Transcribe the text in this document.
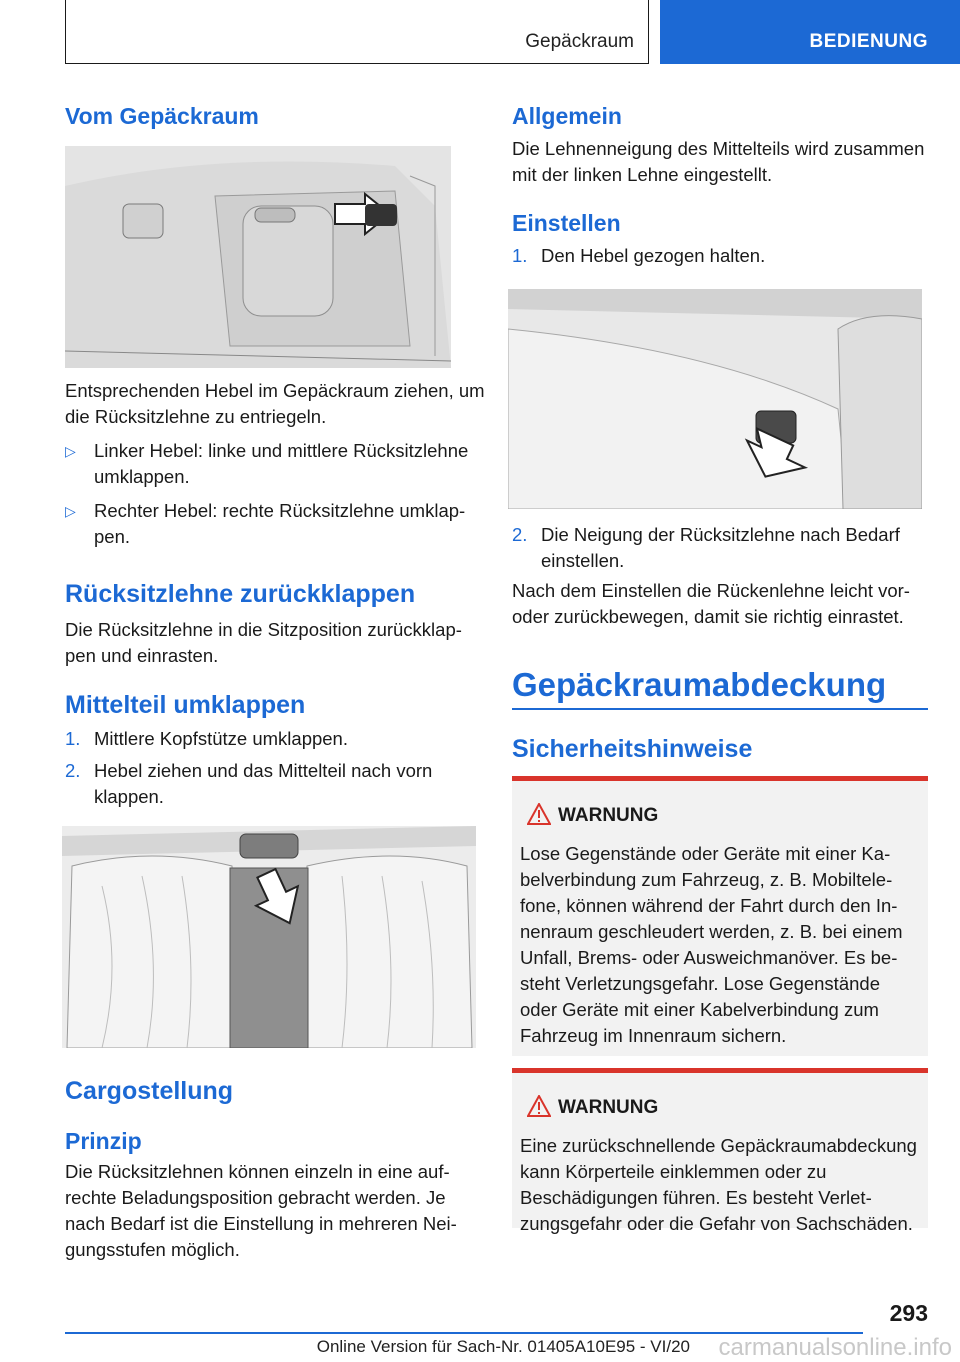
Gepäckraum	BEDIENUNG

Vom Gepäckraum

Entsprechenden Hebel im Gepäckraum ziehen, um die Rücksitzlehne zu entriegeln.

▷ Linker Hebel: linke und mittlere Rücksitzlehne umklappen.
▷ Rechter Hebel: rechte Rücksitzlehne umklappen.

Rücksitzlehne zurückklappen

Die Rücksitzlehne in die Sitzposition zurückklappen und einrasten.

Mittelteil umklappen

1. Mittlere Kopfstütze umklappen.
2. Hebel ziehen und das Mittelteil nach vorn klappen.

Cargostellung

Prinzip

Die Rücksitzlehnen können einzeln in eine aufrechte Beladungsposition gebracht werden. Je nach Bedarf ist die Einstellung in mehreren Neigungsstufen möglich.

Allgemein

Die Lehnenneigung des Mittelteils wird zusammen mit der linken Lehne eingestellt.

Einstellen

1. Den Hebel gezogen halten.
2. Die Neigung der Rücksitzlehne nach Bedarf einstellen.

Nach dem Einstellen die Rückenlehne leicht vor- oder zurückbewegen, damit sie richtig einrastet.

Gepäckraumabdeckung

Sicherheitshinweise

WARNUNG
Lose Gegenstände oder Geräte mit einer Kabelverbindung zum Fahrzeug, z. B. Mobiltelefone, können während der Fahrt durch den Innenraum geschleudert werden, z. B. bei einem Unfall, Brems- oder Ausweichmanöver. Es besteht Verletzungsgefahr. Lose Gegenstände oder Geräte mit einer Kabelverbindung zum Fahrzeug im Innenraum sichern.
WARNUNG
Eine zurückschnellende Gepäckraumabdeckung kann Körperteile einklemmen oder zu Beschädigungen führen. Es besteht Verletzungsgefahr oder die Gefahr von Sachschäden.
293
Online Version für Sach-Nr. 01405A10E95 - VI/20 carmanualsonline.info
